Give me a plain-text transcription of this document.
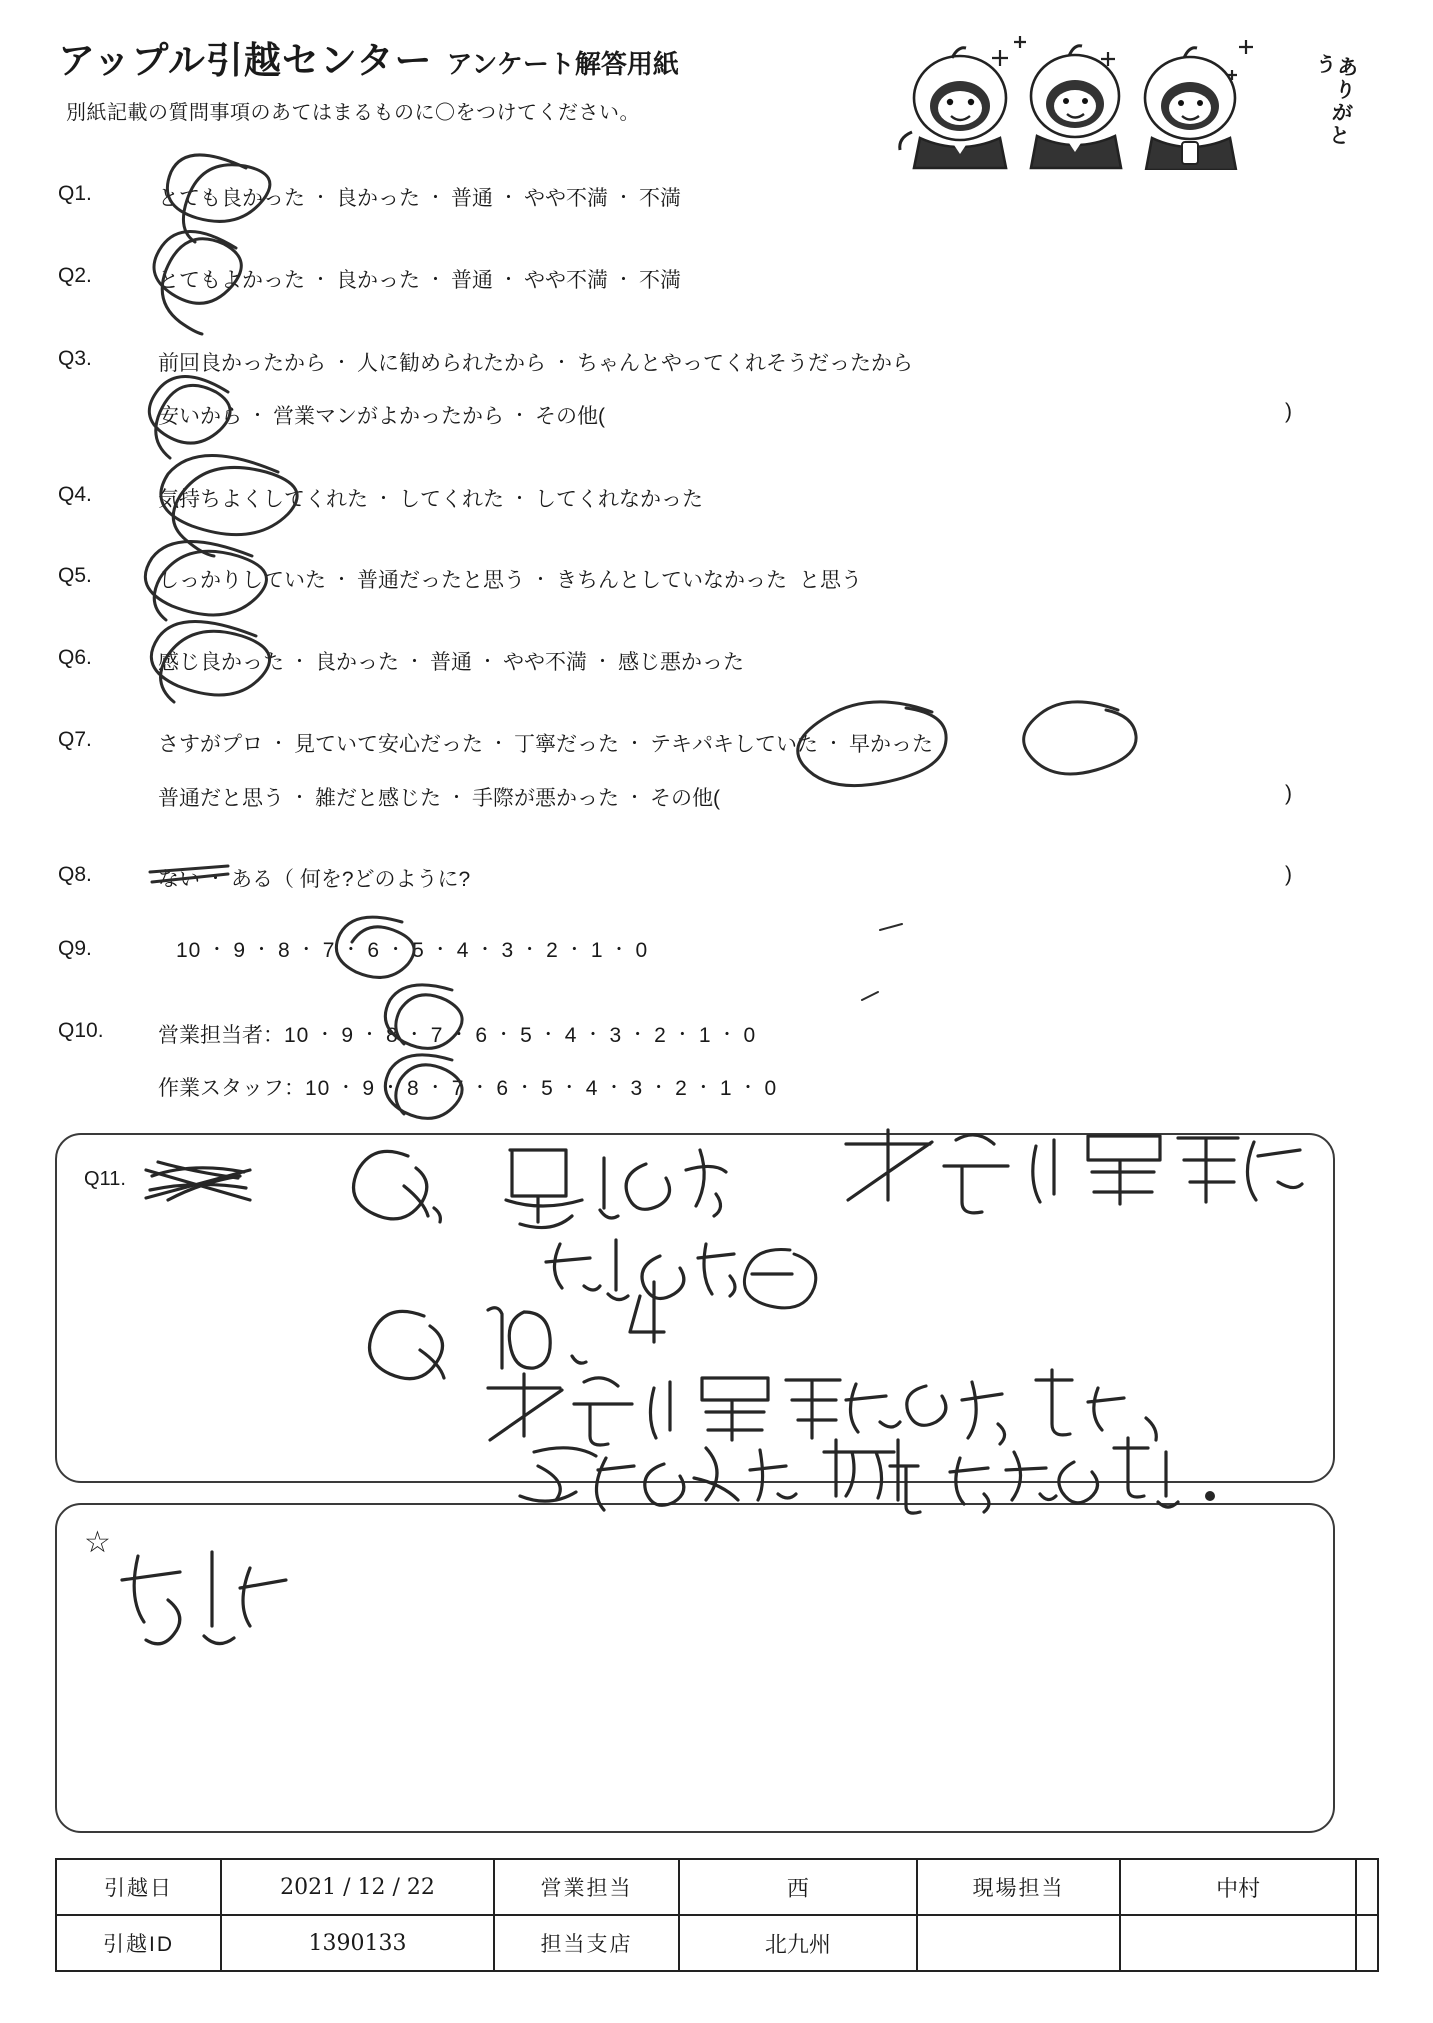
アップル引越センター アンケート解答用紙
別紙記載の質問事項のあてはまるものに〇をつけてください。	ありがとう
Q1.	とても良かった ・ 良かった ・ 普通 ・ やや不満 ・ 不満
Q2.	とてもよかった ・ 良かった ・ 普通 ・ やや不満 ・ 不満
Q3.	前回良かったから ・ 人に勧められたから ・ ちゃんとやってくれそうだったから
安いから ・ 営業マンがよかったから ・ その他(	)
Q4.	気持ちよくしてくれた ・ してくれた ・ してくれなかった
Q5.	しっかりしていた ・ 普通だったと思う ・ きちんとしていなかった と思う
Q6.	感じ良かった ・ 良かった ・ 普通 ・ やや不満 ・ 感じ悪かった
Q7.	さすがプロ ・ 見ていて安心だった ・ 丁寧だった ・ テキパキしていた ・ 早かった
普通だと思う ・ 雑だと感じた ・ 手際が悪かった ・ その他(	)
Q8.	ない ・ ある（ 何を?どのように?	)
Q9.	10 ・ 9 ・ 8 ・ 7 ・ 6 ・ 5 ・ 4 ・ 3 ・ 2 ・ 1 ・ 0
Q10.	営業担当者：10 ・ 9 ・ 8 ・ 7 ・ 6 ・ 5 ・ 4 ・ 3 ・ 2 ・ 1 ・ 0
作業スタッフ：10 ・ 9 ・ 8 ・ 7 ・ 6 ・ 5 ・ 4 ・ 3 ・ 2 ・ 1 ・ 0
Q11.
☆
引越日	2021 / 12 / 22	営業担当	西	現場担当	中村	
引越ID	1390133	担当支店	北九州			
